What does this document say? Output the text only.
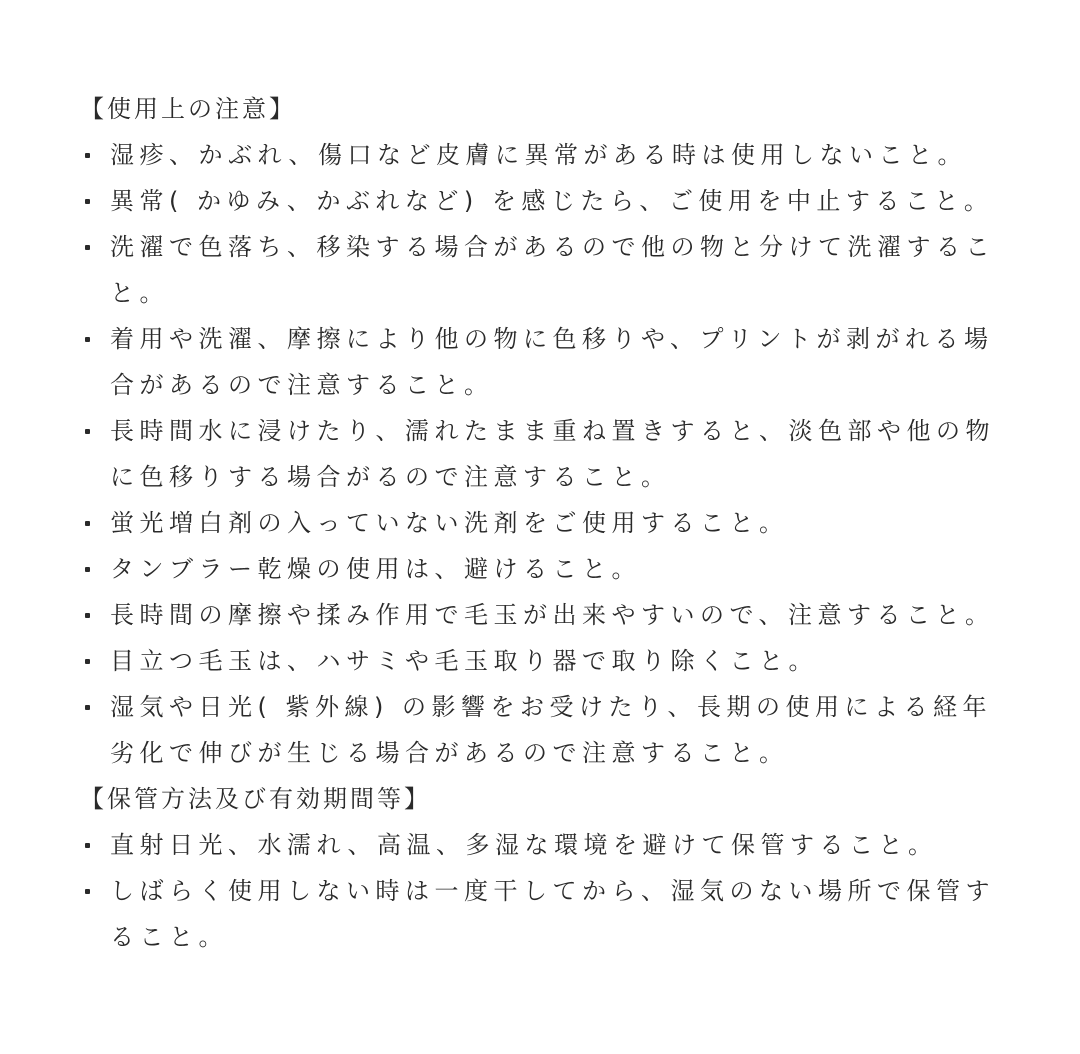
【使用上の注意】
湿疹、かぶれ、傷口など皮膚に異常がある時は使用しないこと。
異常( かゆみ、かぶれなど) を感じたら、ご使用を中止すること。
洗濯で色落ち、移染する場合があるので他の物と分けて洗濯するこ
と。
着用や洗濯、摩擦により他の物に色移りや、プリントが剥がれる場
合があるので注意すること。
長時間水に浸けたり、濡れたまま重ね置きすると、淡色部や他の物
に色移りする場合がるので注意すること。
蛍光増白剤の入っていない洗剤をご使用すること。
タンブラー乾燥の使用は、避けること。
長時間の摩擦や揉み作用で毛玉が出来やすいので、注意すること。
目立つ毛玉は、ハサミや毛玉取り器で取り除くこと。
湿気や日光( 紫外線) の影響をお受けたり、長期の使用による経年
劣化で伸びが生じる場合があるので注意すること。
【保管方法及び有効期間等】
直射日光、水濡れ、高温、多湿な環境を避けて保管すること。
しばらく使用しない時は一度干してから、湿気のない場所で保管す
ること。
